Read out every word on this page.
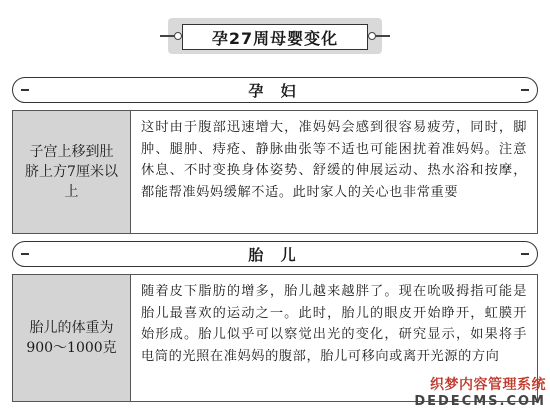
孕27周母婴变化
孕 妇
子宫上移到肚脐上方7厘米以上

这时由于腹部迅速增大，准妈妈会感到很容易疲劳，同时，脚肿、腿肿、痔疮、静脉曲张等不适也可能困扰着准妈妈。注意休息、不时变换身体姿势、舒缓的伸展运动、热水浴和按摩，都能帮准妈妈缓解不适。此时家人的关心也非常重要

胎 儿
胎儿的体重为900～1000克

随着皮下脂肪的增多，胎儿越来越胖了。现在吮吸拇指可能是胎儿最喜欢的运动之一。此时，胎儿的眼皮开始睁开，虹膜开始形成。胎儿似乎可以察觉出光的变化，研究显示，如果将手电筒的光照在准妈妈的腹部，胎儿可移向或离开光源的方向

织梦内容管理系统
DEDECMS.COM
